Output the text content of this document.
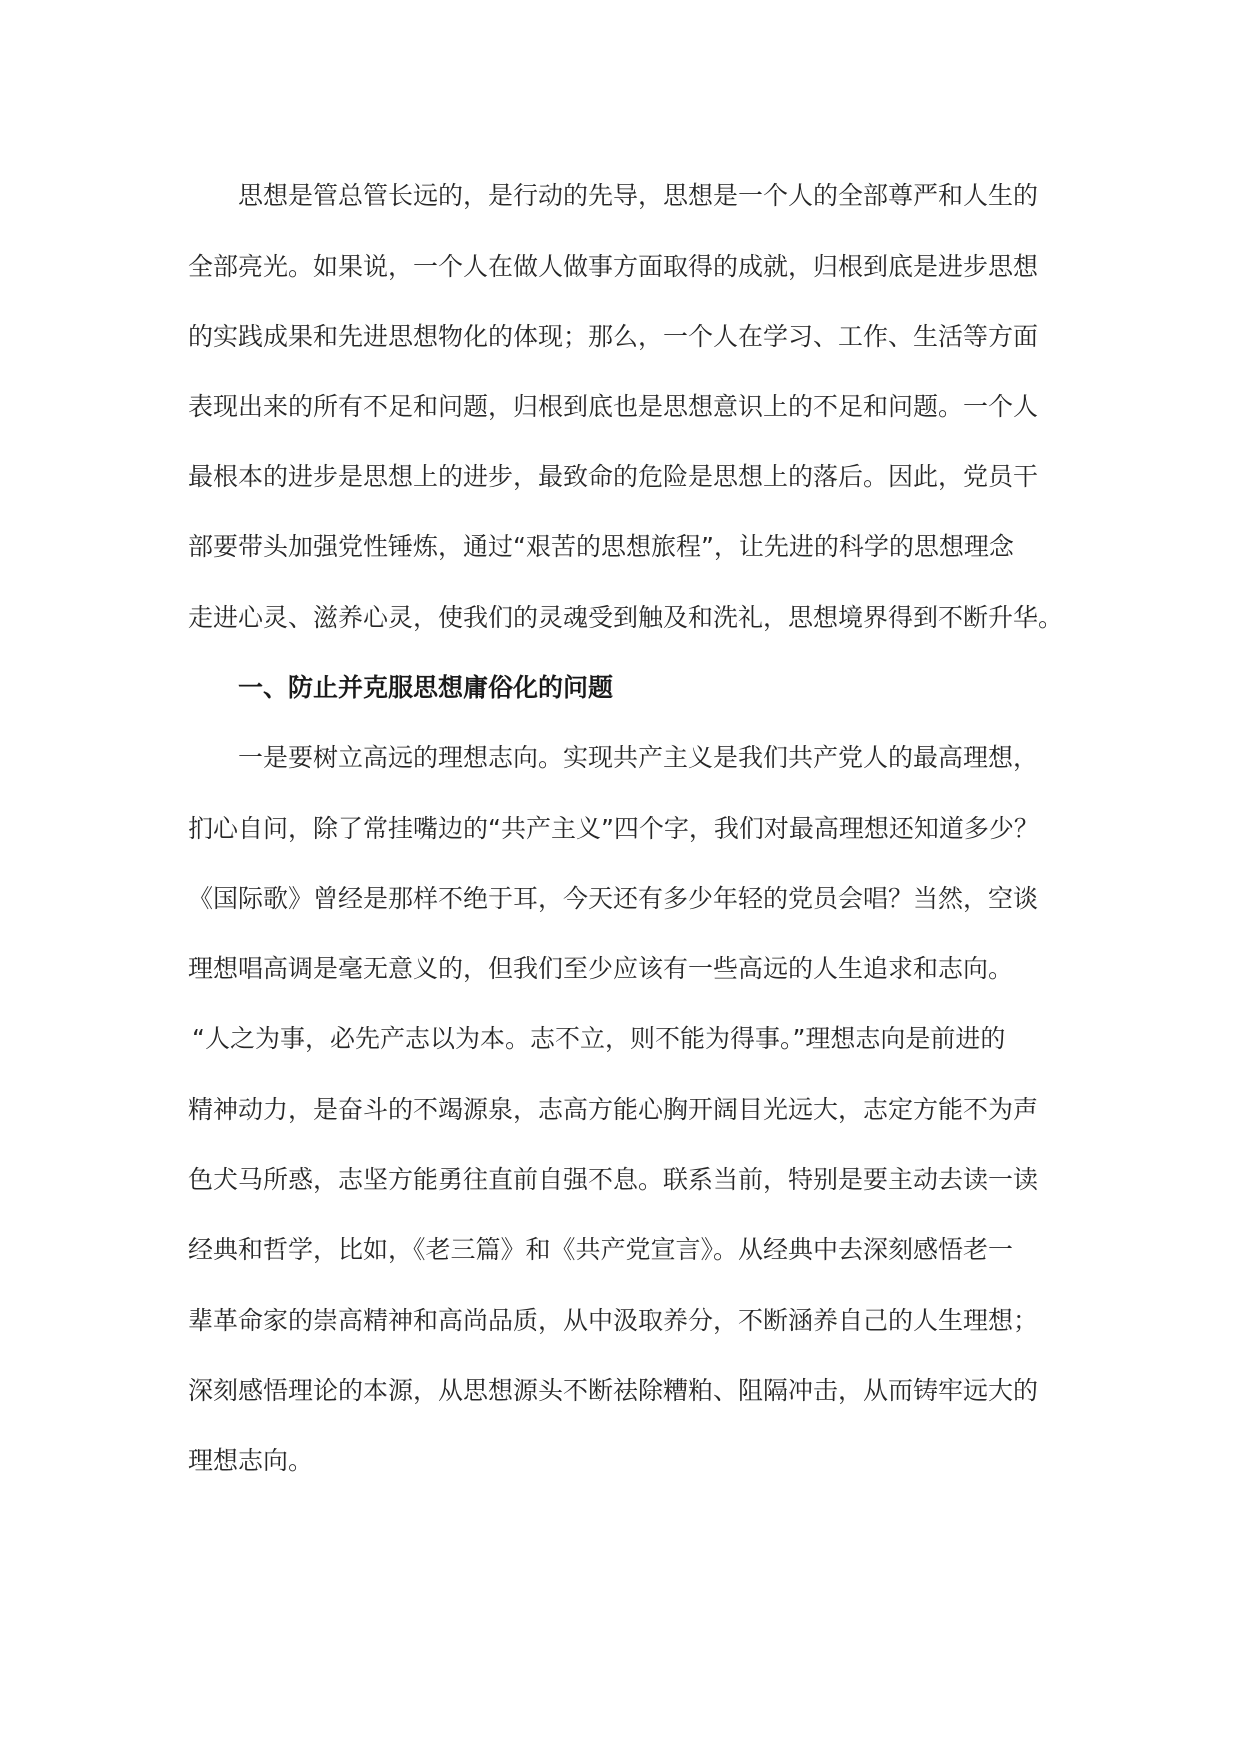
思想是管总管长远的，是行动的先导，思想是一个人的全部尊严和人生的
全部亮光。如果说，一个人在做人做事方面取得的成就，归根到底是进步思想
的实践成果和先进思想物化的体现；那么，一个人在学习、工作、生活等方面
表现出来的所有不足和问题，归根到底也是思想意识上的不足和问题。一个人
最根本的进步是思想上的进步，最致命的危险是思想上的落后。因此，党员干
部要带头加强党性锤炼，通过“艰苦的思想旅程”，让先进的科学的思想理念
走进心灵、滋养心灵，使我们的灵魂受到触及和洗礼，思想境界得到不断升华。
一、防止并克服思想庸俗化的问题
一是要树立高远的理想志向。实现共产主义是我们共产党人的最高理想，
扪心自问，除了常挂嘴边的“共产主义”四个字，我们对最高理想还知道多少？
《国际歌》曾经是那样不绝于耳，今天还有多少年轻的党员会唱？当然，空谈
理想唱高调是毫无意义的，但我们至少应该有一些高远的人生追求和志向。
“人之为事，必先产志以为本。志不立，则不能为得事。”理想志向是前进的
精神动力，是奋斗的不竭源泉，志高方能心胸开阔目光远大，志定方能不为声
色犬马所惑，志坚方能勇往直前自强不息。联系当前，特别是要主动去读一读
经典和哲学，比如，《老三篇》和《共产党宣言》。从经典中去深刻感悟老一
辈革命家的崇高精神和高尚品质，从中汲取养分，不断涵养自己的人生理想；
深刻感悟理论的本源，从思想源头不断祛除糟粕、阻隔冲击，从而铸牢远大的
理想志向。
